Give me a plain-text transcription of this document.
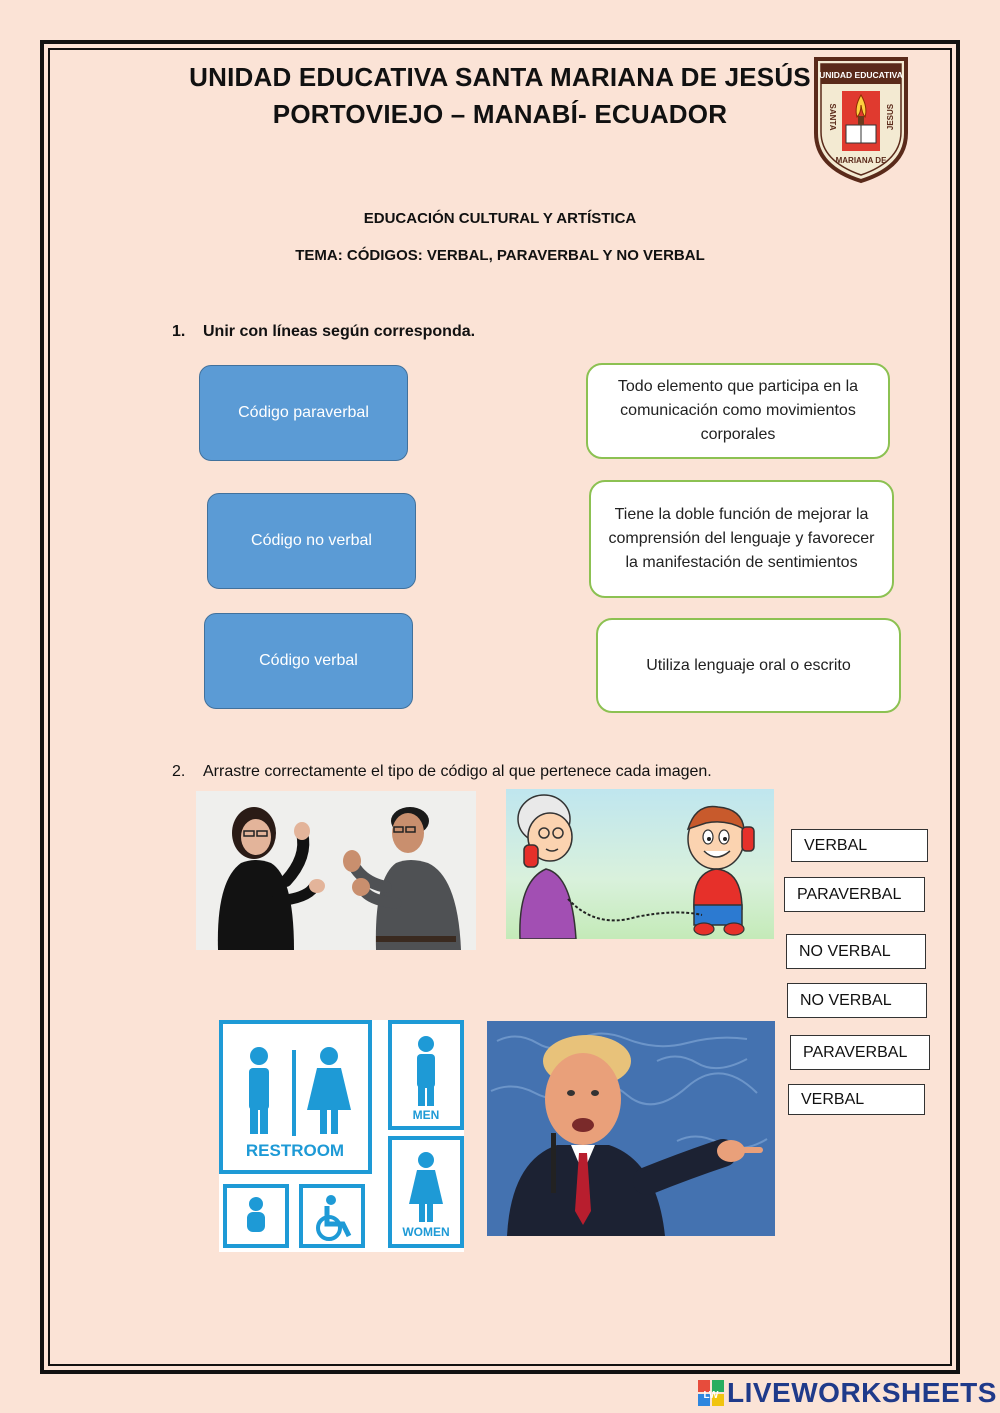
UNIDAD EDUCATIVA SANTA MARIANA DE JESÚS
PORTOVIEJO – MANABÍ- ECUADOR
UNIDAD EDUCATIVA
SANTA	JESUS
MARIANA DE
EDUCACIÓN CULTURAL Y ARTÍSTICA
TEMA: CÓDIGOS: VERBAL, PARAVERBAL Y NO VERBAL
1. Unir con líneas según corresponda.
Código paraverbal
Código no verbal
Código verbal
Todo elemento que participa en la comunicación como movimientos corporales
Tiene la doble función de mejorar la comprensión del lenguaje y favorecer la manifestación de sentimientos
Utiliza lenguaje oral o escrito
2. Arrastre correctamente el tipo de código al que pertenece cada imagen.
RESTROOM
MEN
WOMEN
VERBAL
PARAVERBAL
NO VERBAL
NO VERBAL
PARAVERBAL
VERBAL
LW LIVEWORKSHEETS
